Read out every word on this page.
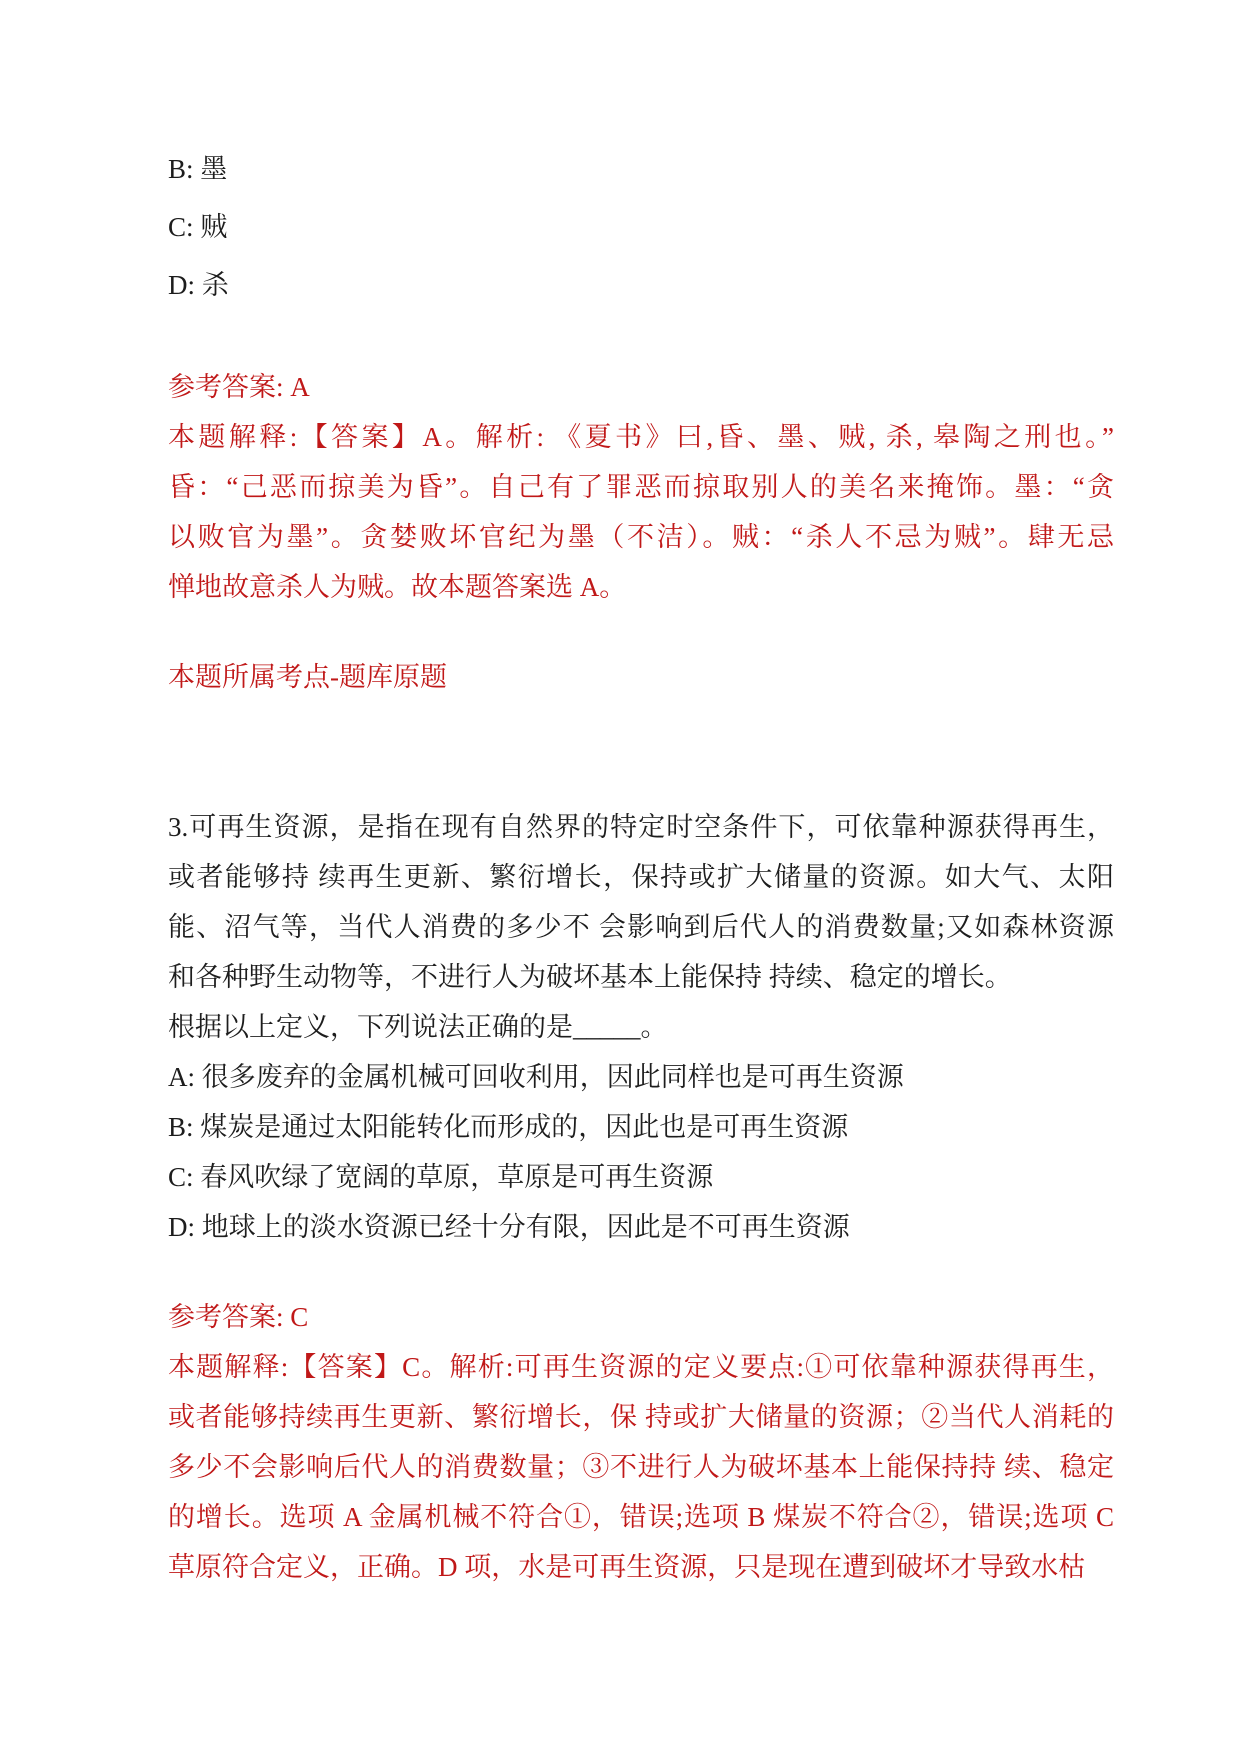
B: 墨
C: 贼
D: 杀
参考答案: A
本题解释:【答案】A。解析: 《夏书》曰,昏、墨、贼, 杀, 皋陶之刑也。”
昏：“己恶而掠美为昏”。自己有了罪恶而掠取别人的美名来掩饰。墨：“贪
以败官为墨”。贪婪败坏官纪为墨（不洁）。贼：“杀人不忌为贼”。肆无忌
惮地故意杀人为贼。故本题答案选 A。
本题所属考点-题库原题
3.可再生资源，是指在现有自然界的特定时空条件下，可依靠种源获得再生，
或者能够持 续再生更新、繁衍增长，保持或扩大储量的资源。如大气、太阳
能、沼气等，当代人消费的多少不 会影响到后代人的消费数量;又如森林资源
和各种野生动物等，不进行人为破坏基本上能保持 持续、稳定的增长。
根据以上定义，下列说法正确的是_____。
A: 很多废弃的金属机械可回收利用，因此同样也是可再生资源
B: 煤炭是通过太阳能转化而形成的，因此也是可再生资源
C: 春风吹绿了宽阔的草原，草原是可再生资源
D: 地球上的淡水资源已经十分有限，因此是不可再生资源
参考答案: C
本题解释:【答案】C。解析:可再生资源的定义要点:①可依靠种源获得再生，
或者能够持续再生更新、繁衍增长，保 持或扩大储量的资源；②当代人消耗的
多少不会影响后代人的消费数量；③不进行人为破坏基本上能保持持 续、稳定
的增长。选项 A 金属机械不符合①，错误;选项 B 煤炭不符合②，错误;选项 C
草原符合定义，正确。D 项，水是可再生资源，只是现在遭到破坏才导致水枯
